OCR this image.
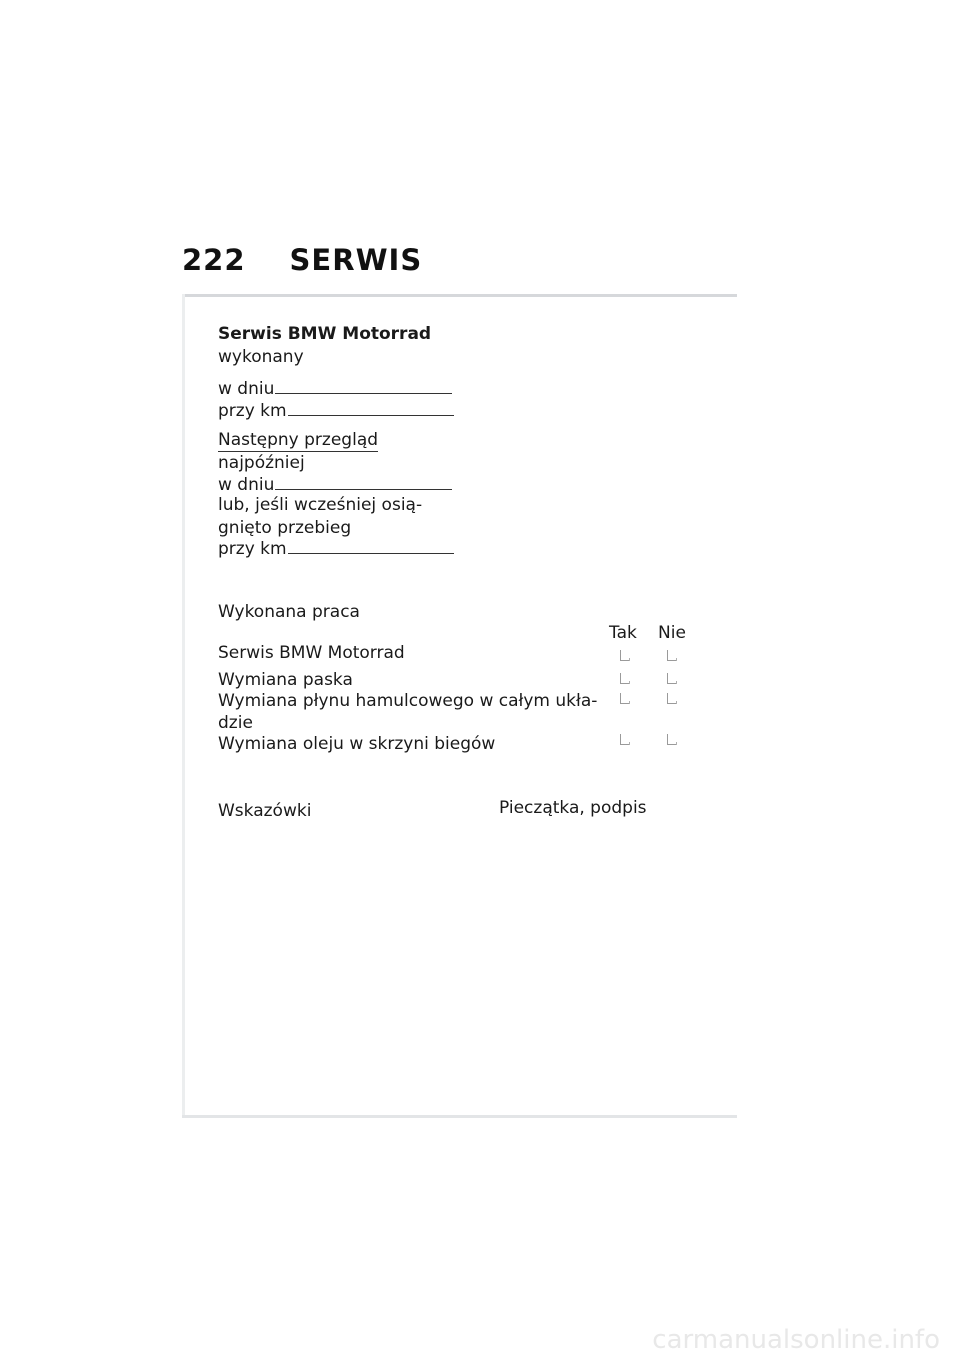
222 SERWIS
Serwis BMW Motorrad
wykonany
w dniu
przy km
Następny przegląd
najpóźniej
w dniu
lub, jeśli wcześniej osią-
gnięto przebieg
przy km
Wykonana praca
Tak Nie
Serwis BMW Motorrad
Wymiana paska
Wymiana płynu hamulcowego w całym ukła-
dzie
Wymiana oleju w skrzyni biegów
Wskazówki	Pieczątka, podpis
carmanualsonline.info
